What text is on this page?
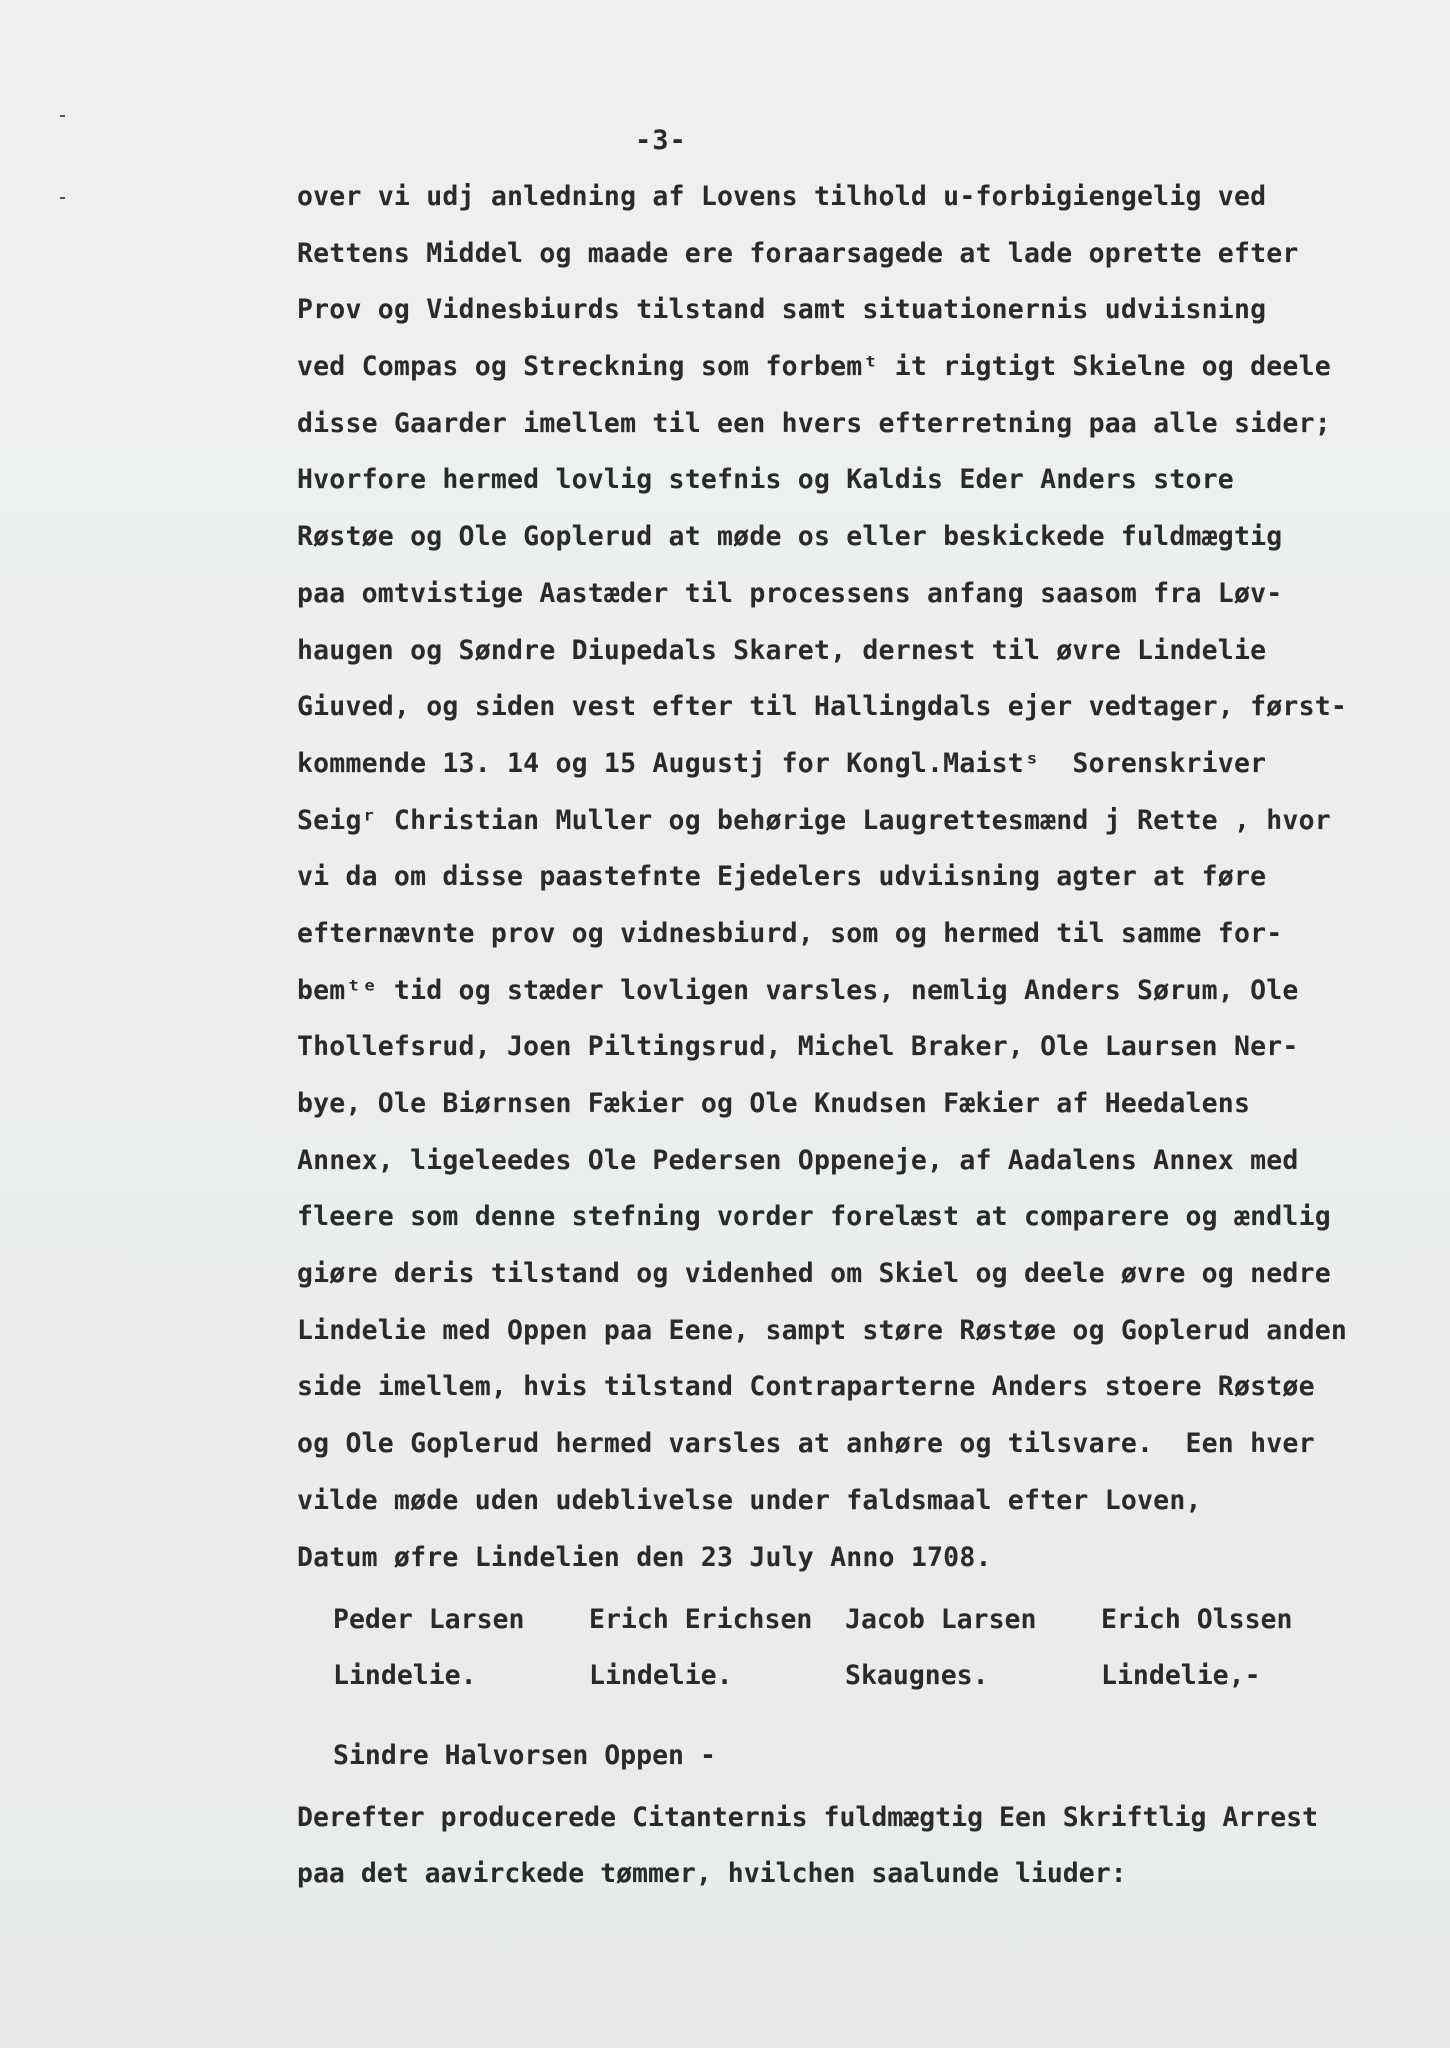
-3-
over vi udj anledning af Lovens tilhold u-forbigiengelig ved
Rettens Middel og maade ere foraarsagede at lade oprette efter
Prov og Vidnesbiurds tilstand samt situationernis udviisning
ved Compas og Streckning som forbemᵗ it rigtigt Skielne og deele
disse Gaarder imellem til een hvers efterretning paa alle sider;
Hvorfore hermed lovlig stefnis og Kaldis Eder Anders store
Røstøe og Ole Goplerud at møde os eller beskickede fuldmægtig
paa omtvistige Aastæder til processens anfang saasom fra Løv-
haugen og Søndre Diupedals Skaret, dernest til øvre Lindelie
Giuved, og siden vest efter til Hallingdals ejer vedtager, først-
kommende 13. 14 og 15 Augustj for Kongl.Maistˢ  Sorenskriver
Seigʳ Christian Muller og behørige Laugrettesmænd j Rette , hvor
vi da om disse paastefnte Ejedelers udviisning agter at føre
efternævnte prov og vidnesbiurd, som og hermed til samme for-
bemᵗᵉ tid og stæder lovligen varsles, nemlig Anders Sørum, Ole
Thollefsrud, Joen Piltingsrud, Michel Braker, Ole Laursen Ner-
bye, Ole Biørnsen Fækier og Ole Knudsen Fækier af Heedalens
Annex, ligeleedes Ole Pedersen Oppeneje, af Aadalens Annex med
fleere som denne stefning vorder forelæst at comparere og ændlig
giøre deris tilstand og videnhed om Skiel og deele øvre og nedre
Lindelie med Oppen paa Eene, sampt støre Røstøe og Goplerud anden
side imellem, hvis tilstand Contraparterne Anders stoere Røstøe
og Ole Goplerud hermed varsles at anhøre og tilsvare.  Een hver
vilde møde uden udeblivelse under faldsmaal efter Loven,
Datum øfre Lindelien den 23 July Anno 1708.
Peder Larsen
Lindelie.
Erich Erichsen
Lindelie.
Jacob Larsen
Skaugnes.
Erich Olssen
Lindelie,-
Sindre Halvorsen Oppen -
Derefter producerede Citanternis fuldmægtig Een Skriftlig Arrest
paa det aavirckede tømmer, hvilchen saalunde liuder:
